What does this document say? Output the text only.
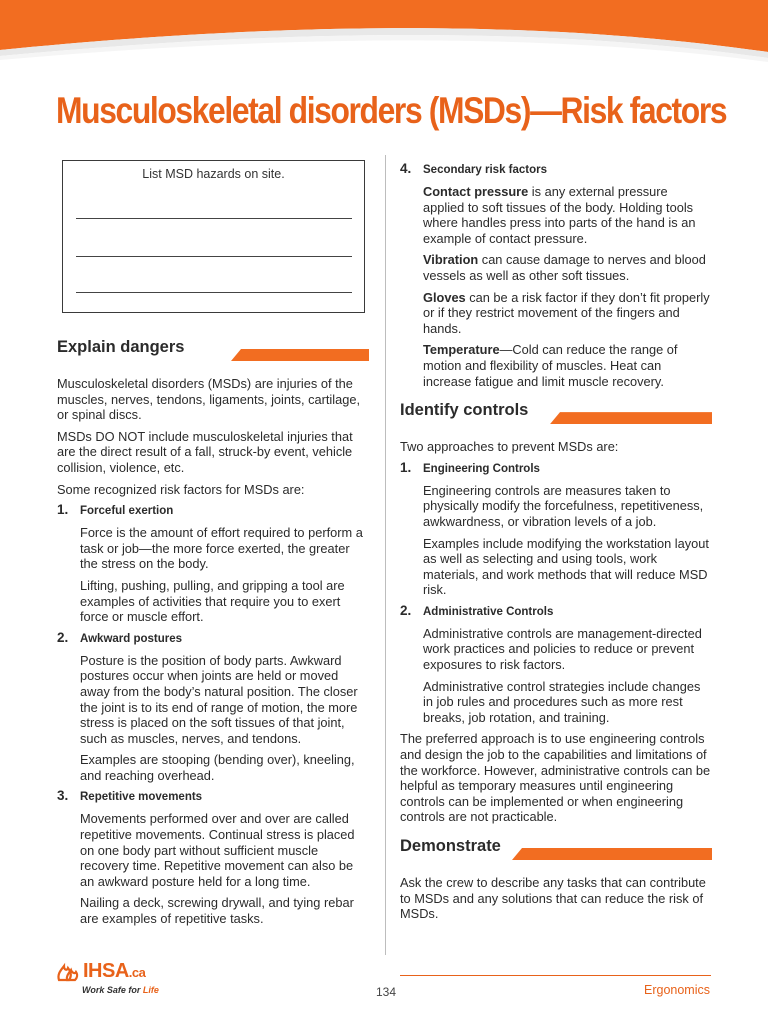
Musculoskeletal disorders (MSDs)—Risk factors
List MSD hazards on site.
Explain dangers

Musculoskeletal disorders (MSDs) are injuries of the muscles, nerves, tendons, ligaments, joints, cartilage, or spinal discs.

MSDs DO NOT include musculoskeletal injuries that are the direct result of a fall, struck-by event, vehicle collision, violence, etc.

Some recognized risk factors for MSDs are:

1. Forceful exertion

Force is the amount of effort required to perform a task or job—the more force exerted, the greater the stress on the body.

Lifting, pushing, pulling, and gripping a tool are examples of activities that require you to exert force or muscle effort.

2. Awkward postures

Posture is the position of body parts. Awkward postures occur when joints are held or moved away from the body’s natural position. The closer the joint is to its end of range of motion, the more stress is placed on the soft tissues of that joint, such as muscles, nerves, and tendons.

Examples are stooping (bending over), kneeling, and reaching overhead.

3. Repetitive movements

Movements performed over and over are called repetitive movements. Continual stress is placed on one body part without sufficient muscle recovery time. Repetitive movement can also be an awkward posture held for a long time.

Nailing a deck, screwing drywall, and tying rebar are examples of repetitive tasks.

4. Secondary risk factors

Contact pressure is any external pressure applied to soft tissues of the body. Holding tools where handles press into parts of the hand is an example of contact pressure.

Vibration can cause damage to nerves and blood vessels as well as other soft tissues.

Gloves can be a risk factor if they don’t fit properly or if they restrict movement of the fingers and hands.

Temperature—Cold can reduce the range of motion and flexibility of muscles. Heat can increase fatigue and limit muscle recovery.

Identify controls

Two approaches to prevent MSDs are:

1. Engineering Controls

Engineering controls are measures taken to physically modify the forcefulness, repetitiveness, awkwardness, or vibration levels of a job.

Examples include modifying the workstation layout as well as selecting and using tools, work materials, and work methods that will reduce MSD risk.

2. Administrative Controls

Administrative controls are management-directed work practices and policies to reduce or prevent exposures to risk factors.

Administrative control strategies include changes in job rules and procedures such as more rest breaks, job rotation, and training.

The preferred approach is to use engineering controls and design the job to the capabilities and limitations of the workforce. However, administrative controls can be helpful as temporary measures until engineering controls can be implemented or when engineering controls are not practicable.

Demonstrate

Ask the crew to describe any tasks that can contribute to MSDs and any solutions that can reduce the risk of MSDs.

IHSA.ca
Work Safe for Life	134	Ergonomics
